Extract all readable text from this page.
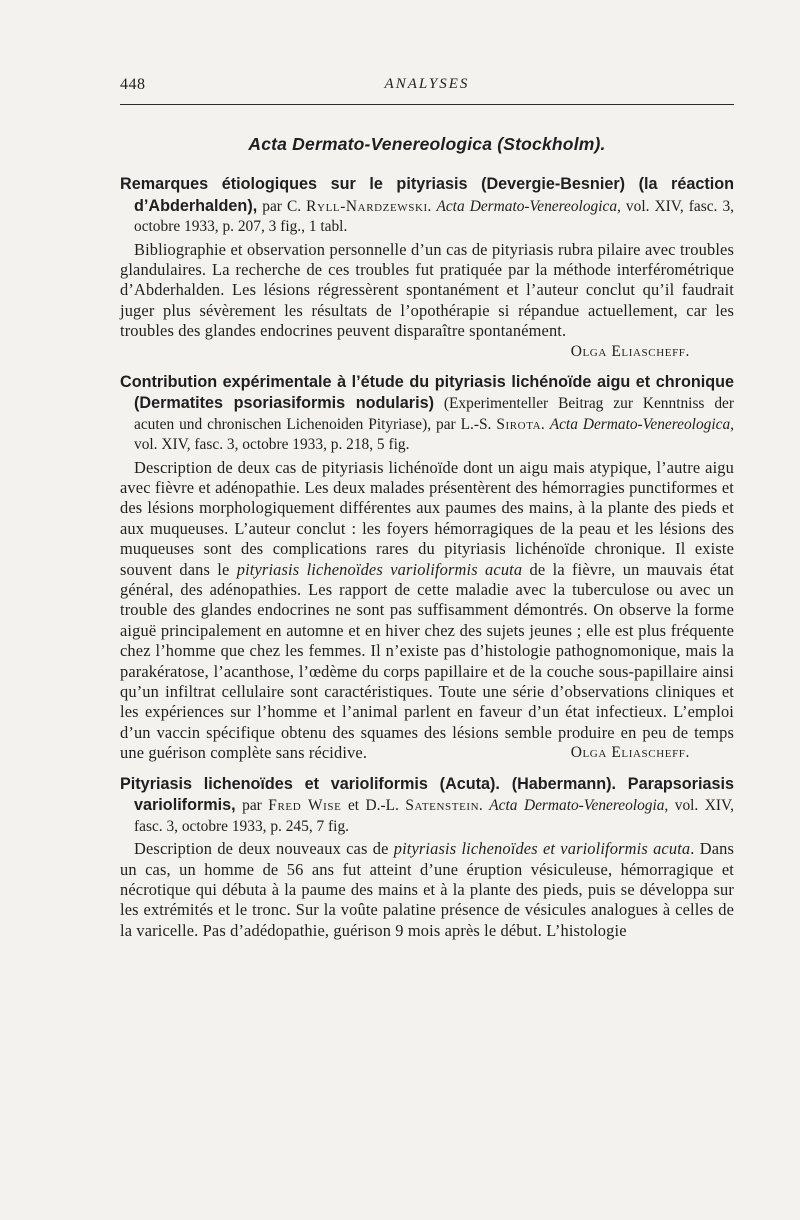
448	ANALYSES
Acta Dermato-Venereologica (Stockholm).

Remarques étiologiques sur le pityriasis (Devergie-Besnier) (la réaction d’Abderhalden), par C. Ryll-Nardzewski. Acta Dermato-Venereologica, vol. XIV, fasc. 3, octobre 1933, p. 207, 3 fig., 1 tabl.

Bibliographie et observation personnelle d’un cas de pityriasis rubra pilaire avec troubles glandulaires. La recherche de ces troubles fut pratiquée par la méthode interférométrique d’Abderhalden. Les lésions régressèrent spontanément et l’auteur conclut qu’il faudrait juger plus sévèrement les résultats de l’opothérapie si répandue actuellement, car les troubles des glandes endocrines peuvent disparaître spontanément.

Olga Eliascheff.

Contribution expérimentale à l’étude du pityriasis lichénoïde aigu et chronique (Dermatites psoriasiformis nodularis) (Experimenteller Beitrag zur Kenntniss der acuten und chronischen Lichenoiden Pityriase), par L.-S. Sirota. Acta Dermato-Venereologica, vol. XIV, fasc. 3, octobre 1933, p. 218, 5 fig.

Description de deux cas de pityriasis lichénoïde dont un aigu mais atypique, l’autre aigu avec fièvre et adénopathie. Les deux malades présentèrent des hémorragies punctiformes et des lésions morphologiquement différentes aux paumes des mains, à la plante des pieds et aux muqueuses. L’auteur conclut : les foyers hémorragiques de la peau et les lésions des muqueuses sont des complications rares du pityriasis lichénoïde chronique. Il existe souvent dans le pityriasis lichenoïdes varioliformis acuta de la fièvre, un mauvais état général, des adénopathies. Les rapport de cette maladie avec la tuberculose ou avec un trouble des glandes endocrines ne sont pas suffisamment démontrés. On observe la forme aiguë principalement en automne et en hiver chez des sujets jeunes ; elle est plus fréquente chez l’homme que chez les femmes. Il n’existe pas d’histologie pathognomonique, mais la parakératose, l’acanthose, l’œdème du corps papillaire et de la couche sous-papillaire ainsi qu’un infiltrat cellulaire sont caractéristiques. Toute une série d’observations cliniques et les expériences sur l’homme et l’animal parlent en faveur d’un état infectieux. L’emploi d’un vaccin spécifique obtenu des squames des lésions semble produire en peu de temps une guérison complète sans récidive.	Olga Eliascheff.

Pityriasis lichenoïdes et varioliformis (Acuta). (Habermann). Parapsoriasis varioliformis, par Fred Wise et D.-L. Satenstein. Acta Dermato-Venereologia, vol. XIV, fasc. 3, octobre 1933, p. 245, 7 fig.

Description de deux nouveaux cas de pityriasis lichenoïdes et varioliformis acuta. Dans un cas, un homme de 56 ans fut atteint d’une éruption vésiculeuse, hémorragique et nécrotique qui débuta à la paume des mains et à la plante des pieds, puis se développa sur les extrémités et le tronc. Sur la voûte palatine présence de vésicules analogues à celles de la varicelle. Pas d’adédopathie, guérison 9 mois après le début. L’histologie
